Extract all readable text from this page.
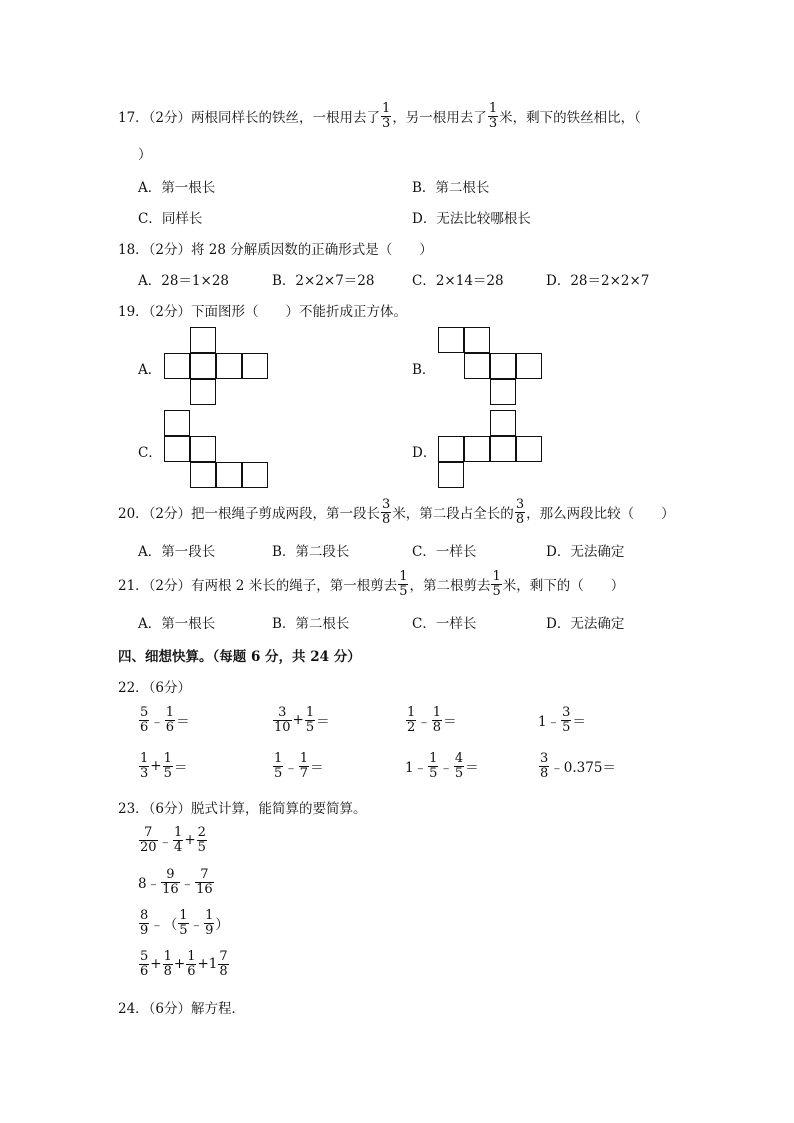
17．（2分）两根同样长的铁丝，一根用去了 $\frac{1}{3}$ ，另一根用去了 $\frac{1}{3}$ 米，剩下的铁丝相比，（
）
A．第一根长	B．第二根长
C．同样长	D．无法比较哪根长
18．（2分）将 28 分解质因数的正确形式是（　　）
A．28＝1×28	B．2×2×7＝28	C．2×14＝28	D．28＝2×2×7
19．（2分）下面图形（　　）不能折成正方体。
A．	B．
C．	D．
20．（2分）把一根绳子剪成两段，第一段长 $\frac{3}{8}$ 米，第二段占全长的 $\frac{3}{8}$ ，那么两段比较（　　）
A．第一段长	B．第二段长	C．一样长	D．无法确定
21．（2分）有两根 2 米长的绳子，第一根剪去 $\frac{1}{5}$ ，第二根剪去 $\frac{1}{5}$ 米，剩下的（　　）
A．第一根长	B．第二根长	C．一样长	D．无法确定
四、细想快算。（每题 6 分，共 24 分）
22．（6分）
$\frac{5}{6}$ ﹣ $\frac{1}{6}$ ＝	$\frac{3}{10} + \frac{1}{5}$ ＝	$\frac{1}{2}$ ﹣ $\frac{1}{8}$ ＝	1﹣ $\frac{3}{5}$ ＝
$\frac{1}{3} + \frac{1}{5}$ ＝	$\frac{1}{5}$ ﹣ $\frac{1}{7}$ ＝	1﹣ $\frac{1}{5}$ ﹣ $\frac{4}{5}$ ＝	$\frac{3}{8}$ ﹣0.375＝
23．（6分）脱式计算，能简算的要简算。
$\frac{7}{20}$ ﹣ $\frac{1}{4} + \frac{2}{5}$
8﹣ $\frac{9}{16}$ ﹣ $\frac{7}{16}$
$\frac{8}{9}$ ﹣（ $\frac{1}{5}$ ﹣ $\frac{1}{9}$ ）
$\frac{5}{6} + \frac{1}{8} + \frac{1}{6} +1 \frac{7}{8}$
24．（6分）解方程．
